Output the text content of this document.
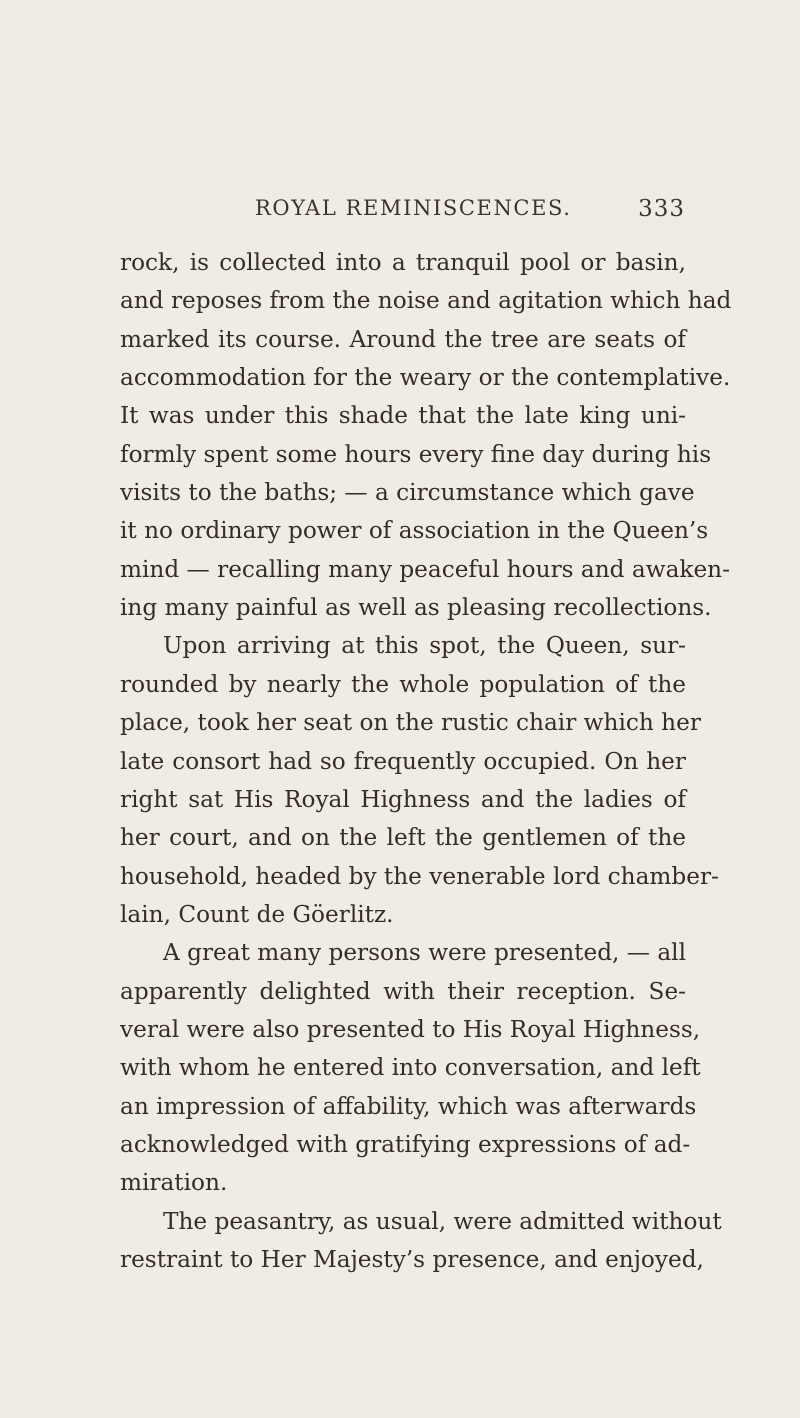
ROYAL REMINISCENCES.	333
rock, is collected into a tranquil pool or basin,
and reposes from the noise and agitation which had
marked its course. Around the tree are seats of
accommodation for the weary or the contemplative.
It was under this shade that the late king uni-
formly spent some hours every fine day during his
visits to the baths; — a circumstance which gave
it no ordinary power of association in the Queen’s
mind — recalling many peaceful hours and awaken-
ing many painful as well as pleasing recollections.
Upon arriving at this spot, the Queen, sur-
rounded by nearly the whole population of the
place, took her seat on the rustic chair which her
late consort had so frequently occupied. On her
right sat His Royal Highness and the ladies of
her court, and on the left the gentlemen of the
household, headed by the venerable lord chamber-
lain, Count de Göerlitz.
A great many persons were presented, — all
apparently delighted with their reception. Se-
veral were also presented to His Royal Highness,
with whom he entered into conversation, and left
an impression of affability, which was afterwards
acknowledged with gratifying expressions of ad-
miration.
The peasantry, as usual, were admitted without
restraint to Her Majesty’s presence, and enjoyed,
